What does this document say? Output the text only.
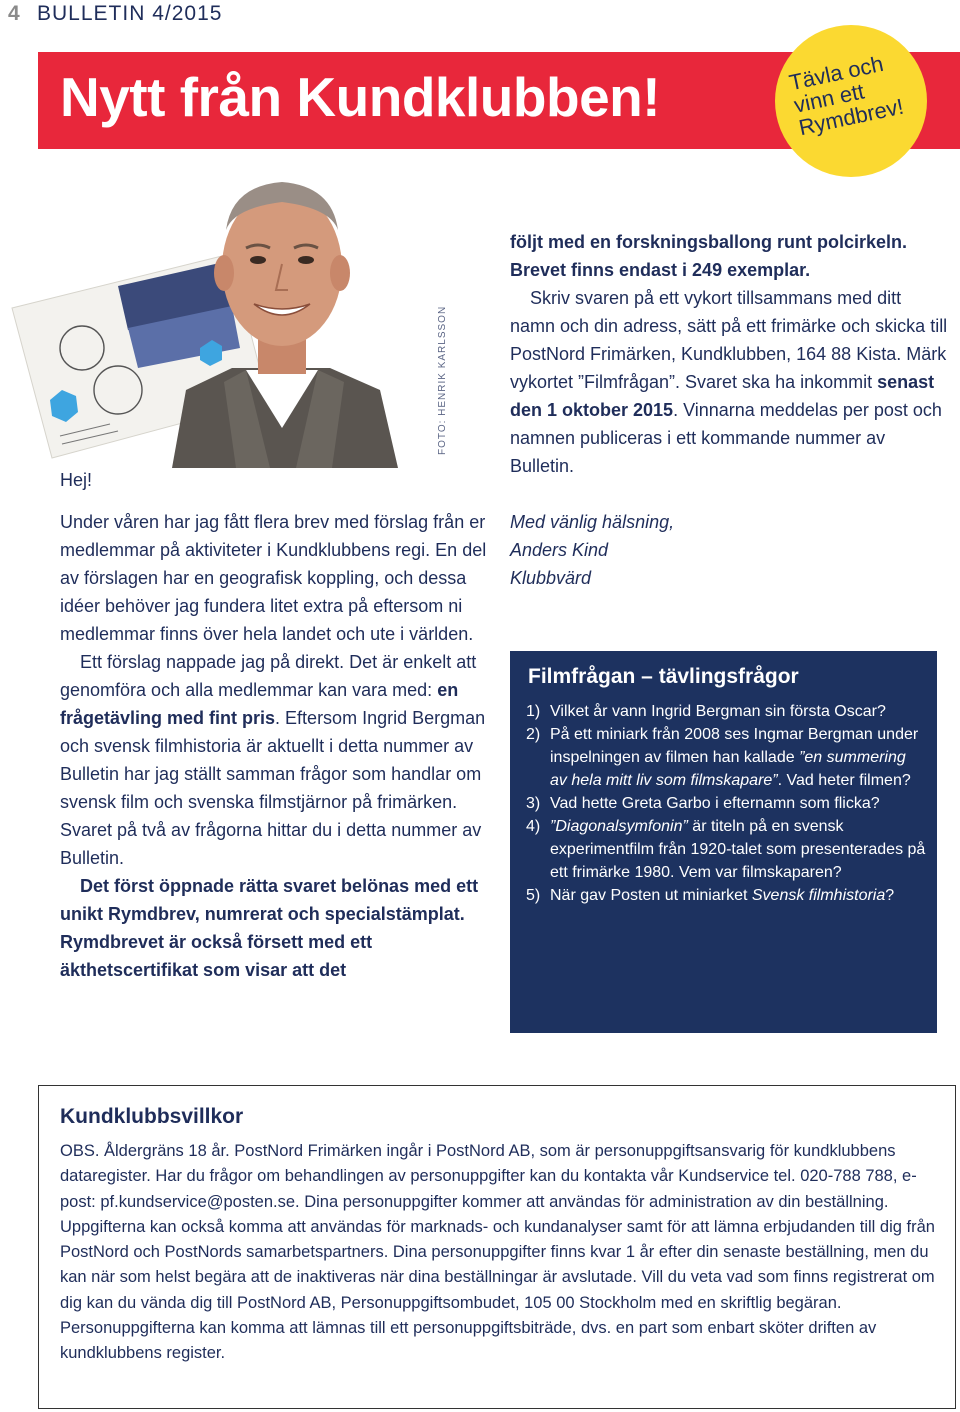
4 BULLETIN 4/2015
Nytt från Kundklubben!	Tävla och vinn ett Rymdbrev!
FOTO: HENRIK KARLSSON
Hej!

Under våren har jag fått flera brev med förslag från er medlemmar på aktiviteter i Kundklubbens regi. En del av förslagen har en geografisk koppling, och dessa idéer behöver jag fundera litet extra på eftersom ni medlemmar finns över hela landet och ute i världen.

Ett förslag nappade jag på direkt. Det är enkelt att genomföra och alla medlemmar kan vara med: en frågetävling med fint pris. Eftersom Ingrid Bergman och svensk filmhistoria är aktuellt i detta nummer av Bulletin har jag ställt samman frågor som handlar om svensk film och svenska filmstjärnor på frimärken. Svaret på två av frågorna hittar du i detta nummer av Bulletin.

Det först öppnade rätta svaret belönas med ett unikt Rymdbrev, numrerat och specialstämplat. Rymdbrevet är också försett med ett äkthetscertifikat som visar att det

följt med en forskningsballong runt polcirkeln. Brevet finns endast i 249 exemplar.

Skriv svaren på ett vykort tillsammans med ditt namn och din adress, sätt på ett frimärke och skicka till PostNord Frimärken, Kundklubben, 164 88 Kista. Märk vykortet ”Filmfrågan”. Svaret ska ha inkommit senast den 1 oktober 2015. Vinnarna meddelas per post och namnen publiceras i ett kommande nummer av Bulletin.

Med vänlig hälsning,
Anders Kind
Klubbvärd
Filmfrågan – tävlingsfrågor
1) Vilket år vann Ingrid Bergman sin första Oscar?
2) På ett miniark från 2008 ses Ingmar Bergman under inspelningen av filmen han kallade ”en summering av hela mitt liv som filmskapare”. Vad heter filmen?
3) Vad hette Greta Garbo i efternamn som flicka?
4) ”Diagonalsymfonin” är titeln på en svensk experimentfilm från 1920-talet som presenterades på ett frimärke 1980. Vem var filmskaparen?
5) När gav Posten ut miniarket Svensk filmhistoria?
Kundklubbsvillkor
OBS. Åldergräns 18 år. PostNord Frimärken ingår i PostNord AB, som är personuppgiftsansvarig för kundklubbens dataregister. Har du frågor om behandlingen av personuppgifter kan du kontakta vår Kundservice tel. 020-788 788, e-post: pf.kundservice@posten.se. Dina personuppgifter kommer att användas för administration av din beställning. Uppgifterna kan också komma att användas för marknads- och kundanalyser samt för att lämna erbjudanden till dig från PostNord och PostNords samarbetspartners. Dina personuppgifter finns kvar 1 år efter din senaste beställning, men du kan när som helst begära att de inaktiveras när dina beställningar är avslutade. Vill du veta vad som finns registrerat om dig kan du vända dig till PostNord AB, Personuppgiftsombudet, 105 00 Stockholm med en skriftlig begäran. Personuppgifterna kan komma att lämnas till ett personuppgiftsbiträde, dvs. en part som enbart sköter driften av kundklubbens register.
